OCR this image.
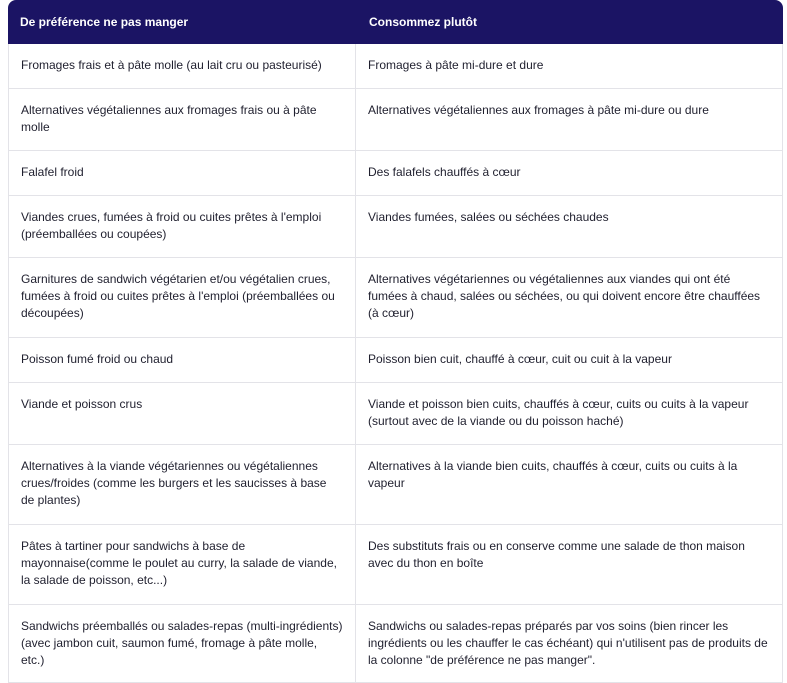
De préférence ne pas manger	Consommez plutôt
Fromages frais et à pâte molle (au lait cru ou pasteurisé)	Fromages à pâte mi-dure et dure
Alternatives végétaliennes aux fromages frais ou à pâte molle	Alternatives végétaliennes aux fromages à pâte mi-dure ou dure
Falafel froid	Des falafels chauffés à cœur
Viandes crues, fumées à froid ou cuites prêtes à l'emploi (préemballées ou coupées)	Viandes fumées, salées ou séchées chaudes
Garnitures de sandwich végétarien et/ou végétalien crues, fumées à froid ou cuites prêtes à l'emploi (préemballées ou découpées)	Alternatives végétariennes ou végétaliennes aux viandes qui ont été fumées à chaud, salées ou séchées, ou qui doivent encore être chauffées (à cœur)
Poisson fumé froid ou chaud	Poisson bien cuit, chauffé à cœur, cuit ou cuit à la vapeur
Viande et poisson crus	Viande et poisson bien cuits, chauffés à cœur, cuits ou cuits à la vapeur (surtout avec de la viande ou du poisson haché)
Alternatives à la viande végétariennes ou végétaliennes crues/froides (comme les burgers et les saucisses à base de plantes)	Alternatives à la viande bien cuits, chauffés à cœur, cuits ou cuits à la vapeur
Pâtes à tartiner pour sandwichs à base de mayonnaise(comme le poulet au curry, la salade de viande, la salade de poisson, etc...)	Des substituts frais ou en conserve comme une salade de thon maison avec du thon en boîte
Sandwichs préemballés ou salades-repas (multi-ingrédients) (avec jambon cuit, saumon fumé, fromage à pâte molle, etc.)	Sandwichs ou salades-repas préparés par vos soins (bien rincer les ingrédients ou les chauffer le cas échéant) qui n'utilisent pas de produits de la colonne "de préférence ne pas manger".
